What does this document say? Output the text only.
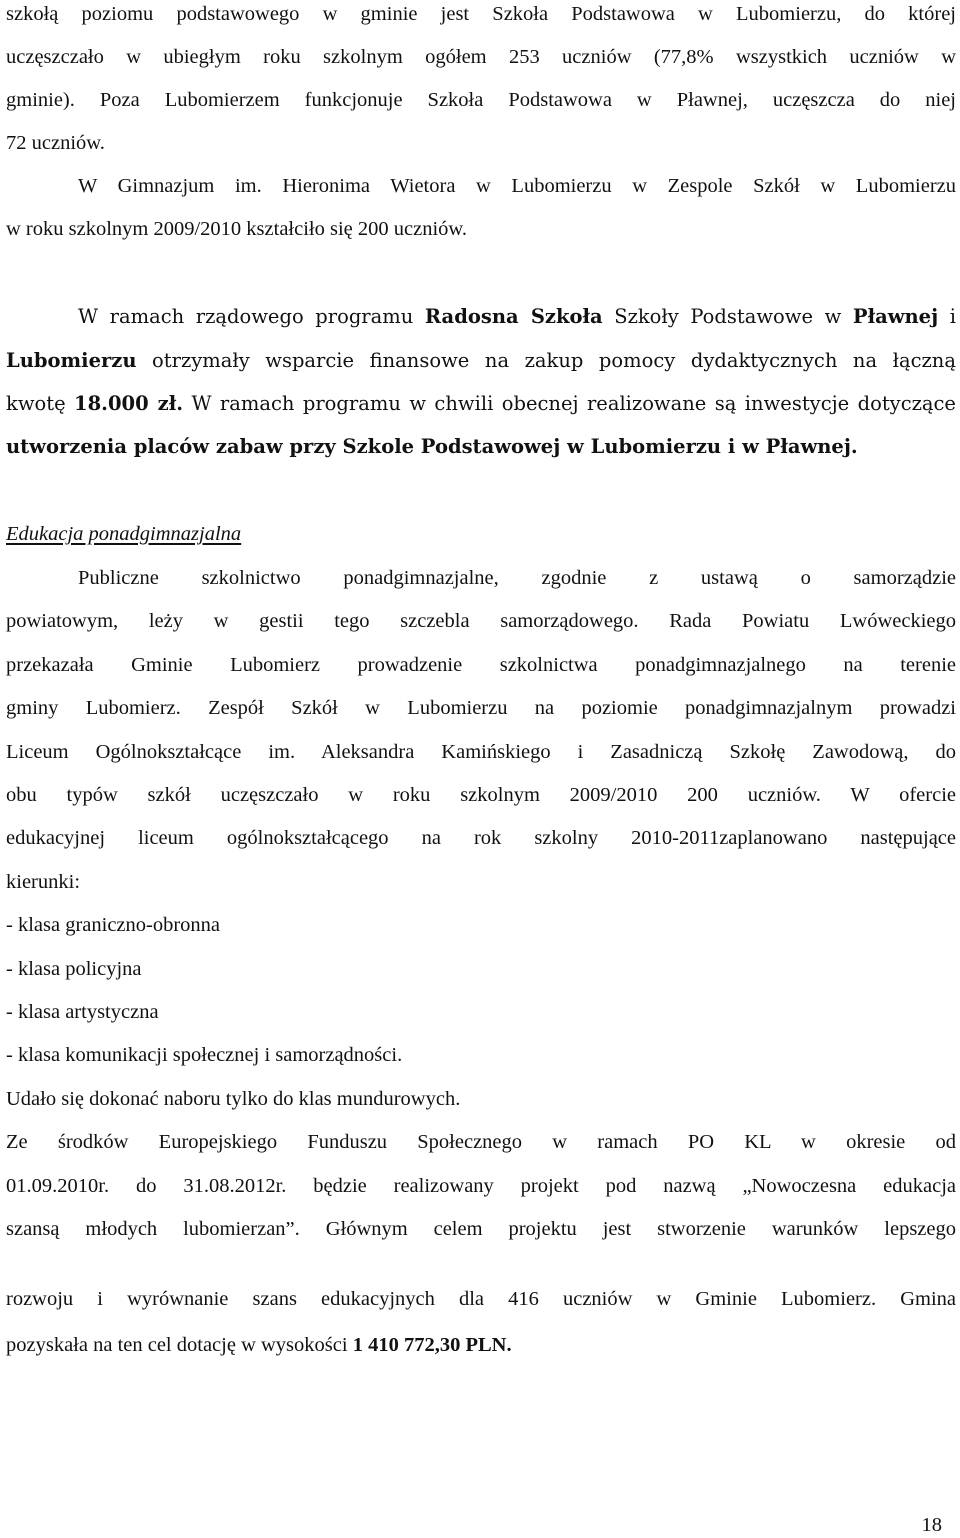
szkołą poziomu podstawowego w gminie jest Szkoła Podstawowa w Lubomierzu, do której
uczęszczało w ubiegłym roku szkolnym ogółem 253 uczniów (77,8% wszystkich uczniów w
gminie). Poza Lubomierzem funkcjonuje Szkoła Podstawowa w Pławnej, uczęszcza do niej
72 uczniów.
W Gimnazjum im. Hieronima Wietora w Lubomierzu w Zespole Szkół w Lubomierzu
w roku szkolnym 2009/2010 kształciło się 200 uczniów.
W ramach rządowego programu Radosna Szkoła Szkoły Podstawowe w Pławnej i
Lubomierzu otrzymały wsparcie finansowe na zakup pomocy dydaktycznych na łączną
kwotę 18.000 zł. W ramach programu w chwili obecnej realizowane są inwestycje dotyczące
utworzenia placów zabaw przy Szkole Podstawowej w Lubomierzu i w Pławnej.
Edukacja ponadgimnazjalna
Publiczne szkolnictwo ponadgimnazjalne, zgodnie z ustawą o samorządzie
powiatowym, leży w gestii tego szczebla samorządowego. Rada Powiatu Lwóweckiego
przekazała Gminie Lubomierz prowadzenie szkolnictwa ponadgimnazjalnego na terenie
gminy Lubomierz. Zespół Szkół w Lubomierzu na poziomie ponadgimnazjalnym prowadzi
Liceum Ogólnokształcące im. Aleksandra Kamińskiego i Zasadniczą Szkołę Zawodową, do
obu typów szkół uczęszczało w roku szkolnym 2009/2010 200 uczniów. W ofercie
edukacyjnej liceum ogólnokształcącego na rok szkolny 2010-2011zaplanowano następujące
kierunki:
- klasa graniczno-obronna
- klasa policyjna
- klasa artystyczna
- klasa komunikacji społecznej i samorządności.
Udało się dokonać naboru tylko do klas mundurowych.
Ze środków Europejskiego Funduszu Społecznego w ramach PO KL w okresie od
01.09.2010r. do 31.08.2012r. będzie realizowany projekt pod nazwą „Nowoczesna edukacja
szansą młodych lubomierzan”. Głównym celem projektu jest stworzenie warunków lepszego
rozwoju i wyrównanie szans edukacyjnych dla 416 uczniów w Gminie Lubomierz. Gmina
pozyskała na ten cel dotację w wysokości 1 410 772,30 PLN.
18
